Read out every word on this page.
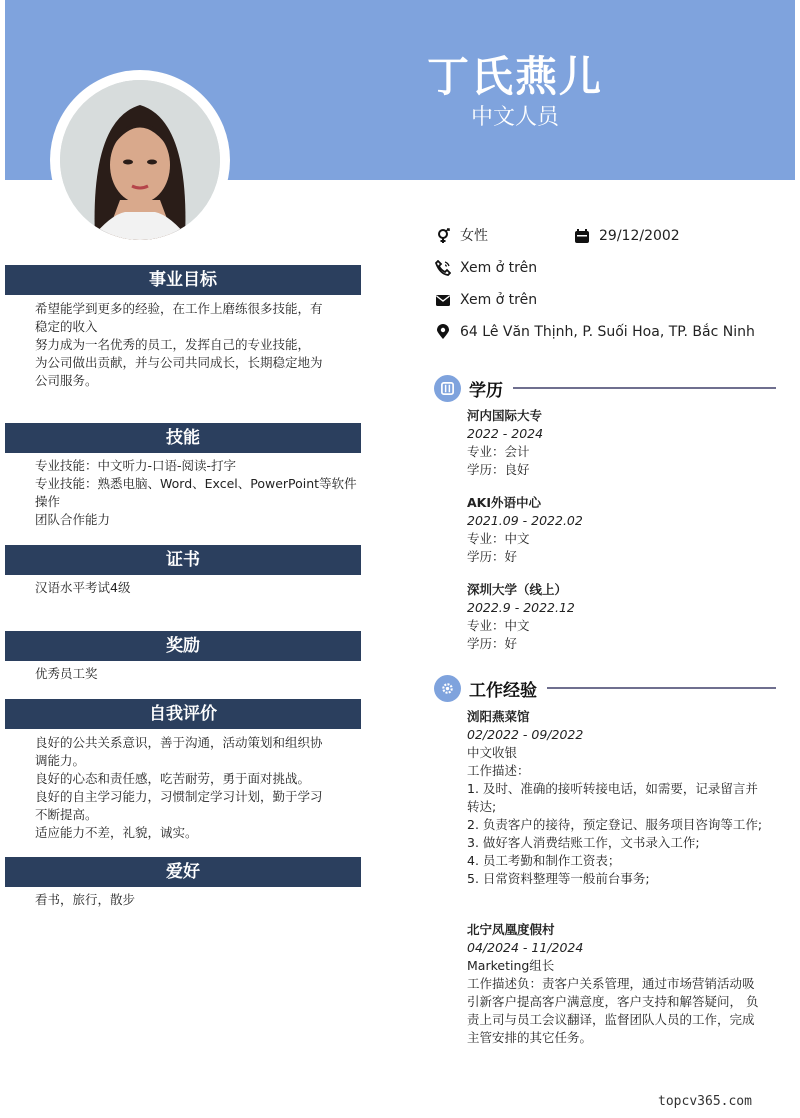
丁氏燕儿
中文人员
女性	29/12/2002
Xem ở trên
Xem ở trên
64 Lê Văn Thịnh, P. Suối Hoa, TP. Bắc Ninh
事业目标
希望能学到更多的经验，在工作上磨练很多技能，有
稳定的收入
努力成为一名优秀的员工，发挥自己的专业技能，
为公司做出贡献，并与公司共同成长，长期稳定地为
公司服务。
技能
专业技能：中文听力-口语-阅读-打字
专业技能：熟悉电脑、Word、Excel、PowerPoint等软件
操作
团队合作能力
证书
汉语水平考试4级
奖励
优秀员工奖
自我评价
良好的公共关系意识，善于沟通，活动策划和组织协
调能力。
良好的心态和责任感，吃苦耐劳，勇于面对挑战。
良好的自主学习能力，习惯制定学习计划，勤于学习
不断提高。
适应能力不差，礼貌，诚实。
爱好
看书，旅行，散步
学历
河内国际大专
2022 - 2024
专业：会计
学历：良好
AKI外语中心
2021.09 - 2022.02
专业：中文
学历：好
深圳大学（线上）
2022.9 - 2022.12
专业：中文
学历：好
工作经验
浏阳燕菜馆
02/2022 - 09/2022
中文收银
工作描述：
1. 及时、准确的接听转接电话，如需要，记录留言并
转达;
2. 负责客户的接待，预定登记、服务项目咨询等工作;
3. 做好客人消费结账工作，文书录入工作;
4. 员工考勤和制作工资表；
5. 日常资料整理等一般前台事务;
北宁凤凰度假村
04/2024 - 11/2024
Marketing组长
工作描述负：责客户关系管理，通过市场营销活动吸
引新客户提高客户满意度，客户支持和解答疑问， 负
责上司与员工会议翻译，监督团队人员的工作，完成
主管安排的其它任务。
topcv365.com
